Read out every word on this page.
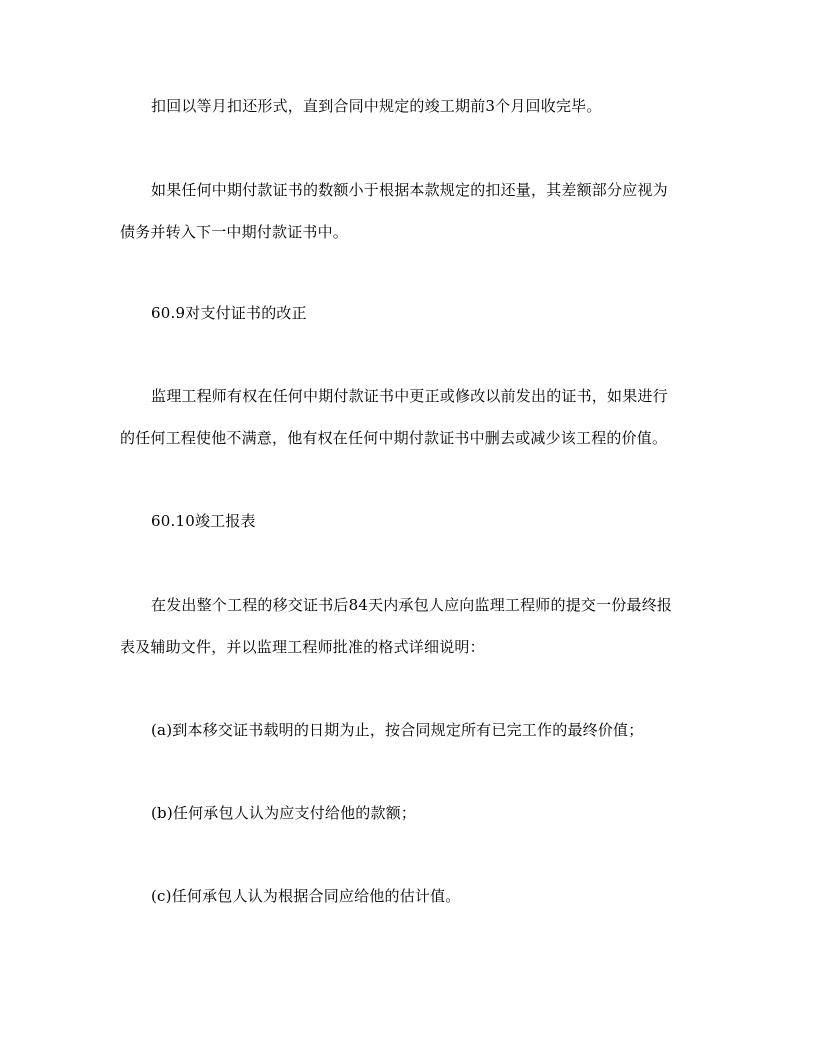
扣回以等月扣还形式，直到合同中规定的竣工期前3个月回收完毕。
如果任何中期付款证书的数额小于根据本款规定的扣还量，其差额部分应视为
债务并转入下一中期付款证书中。
60.9对支付证书的改正
监理工程师有权在任何中期付款证书中更正或修改以前发出的证书，如果进行
的任何工程使他不满意，他有权在任何中期付款证书中删去或减少该工程的价值。
60.10竣工报表
在发出整个工程的移交证书后84天内承包人应向监理工程师的提交一份最终报
表及辅助文件，并以监理工程师批准的格式详细说明：
(a)到本移交证书载明的日期为止，按合同规定所有已完工作的最终价值；
(b)任何承包人认为应支付给他的款额；
(c)任何承包人认为根据合同应给他的估计值。
